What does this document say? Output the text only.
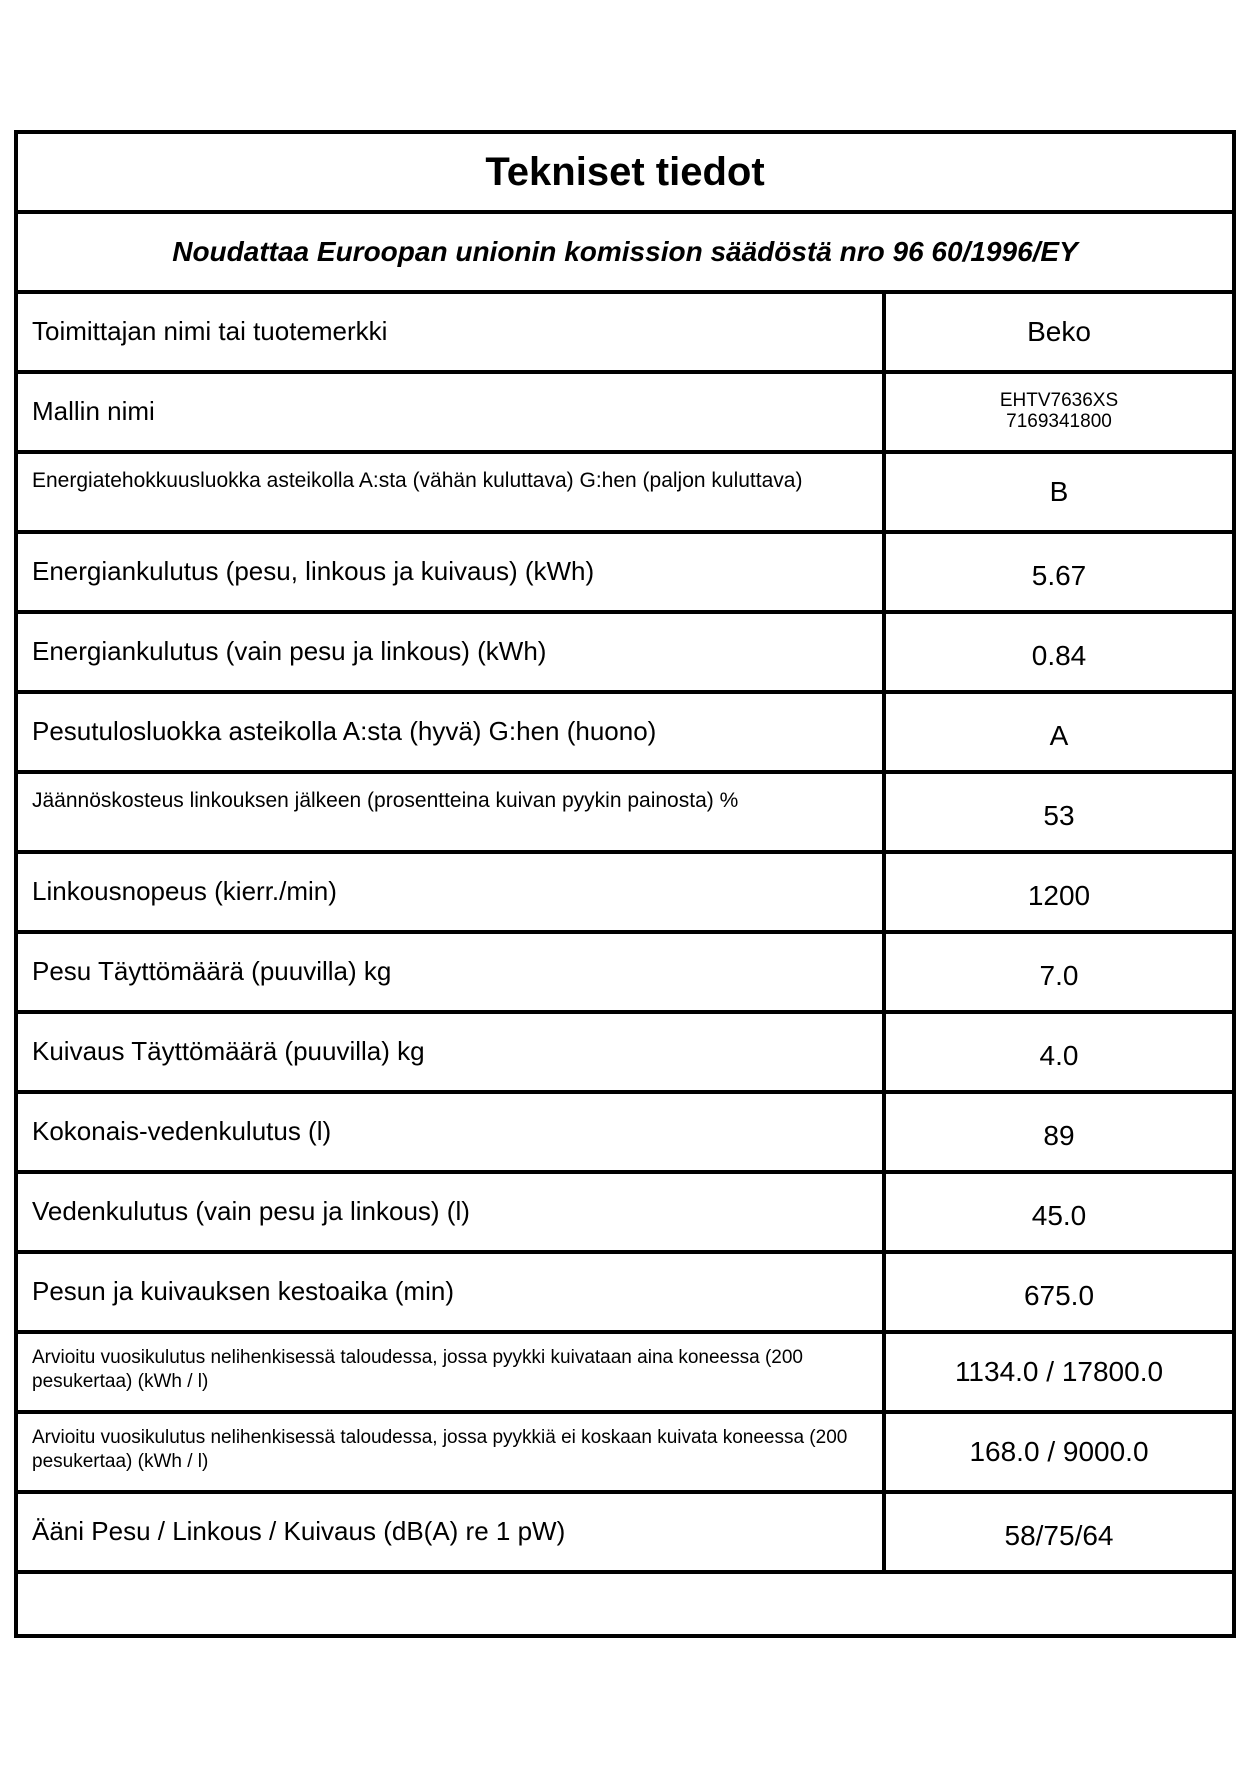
Tekniset tiedot
Noudattaa Euroopan unionin komission säädöstä nro 96 60/1996/EY
Toimittajan nimi tai tuotemerkki	Beko
Mallin nimi	EHTV7636XS
7169341800
Energiatehokkuusluokka asteikolla A:sta (vähän kuluttava) G:hen (paljon kuluttava)	B
Energiankulutus (pesu, linkous ja kuivaus) (kWh)	5.67
Energiankulutus (vain pesu ja linkous) (kWh)	0.84
Pesutulosluokka asteikolla A:sta (hyvä) G:hen (huono)	A
Jäännöskosteus linkouksen jälkeen (prosentteina kuivan pyykin painosta) %	53
Linkousnopeus (kierr./min)	1200
Pesu Täyttömäärä (puuvilla) kg	7.0
Kuivaus Täyttömäärä (puuvilla) kg	4.0
Kokonais-vedenkulutus (l)	89
Vedenkulutus (vain pesu ja linkous) (l)	45.0
Pesun ja kuivauksen kestoaika (min)	675.0
Arvioitu vuosikulutus nelihenkisessä taloudessa, jossa pyykki kuivataan aina koneessa (200 pesukertaa) (kWh / l)	1134.0 / 17800.0
Arvioitu vuosikulutus nelihenkisessä taloudessa, jossa pyykkiä ei koskaan kuivata koneessa (200 pesukertaa) (kWh / l)	168.0 / 9000.0
Ääni Pesu / Linkous / Kuivaus (dB(A) re 1 pW)	58/75/64
